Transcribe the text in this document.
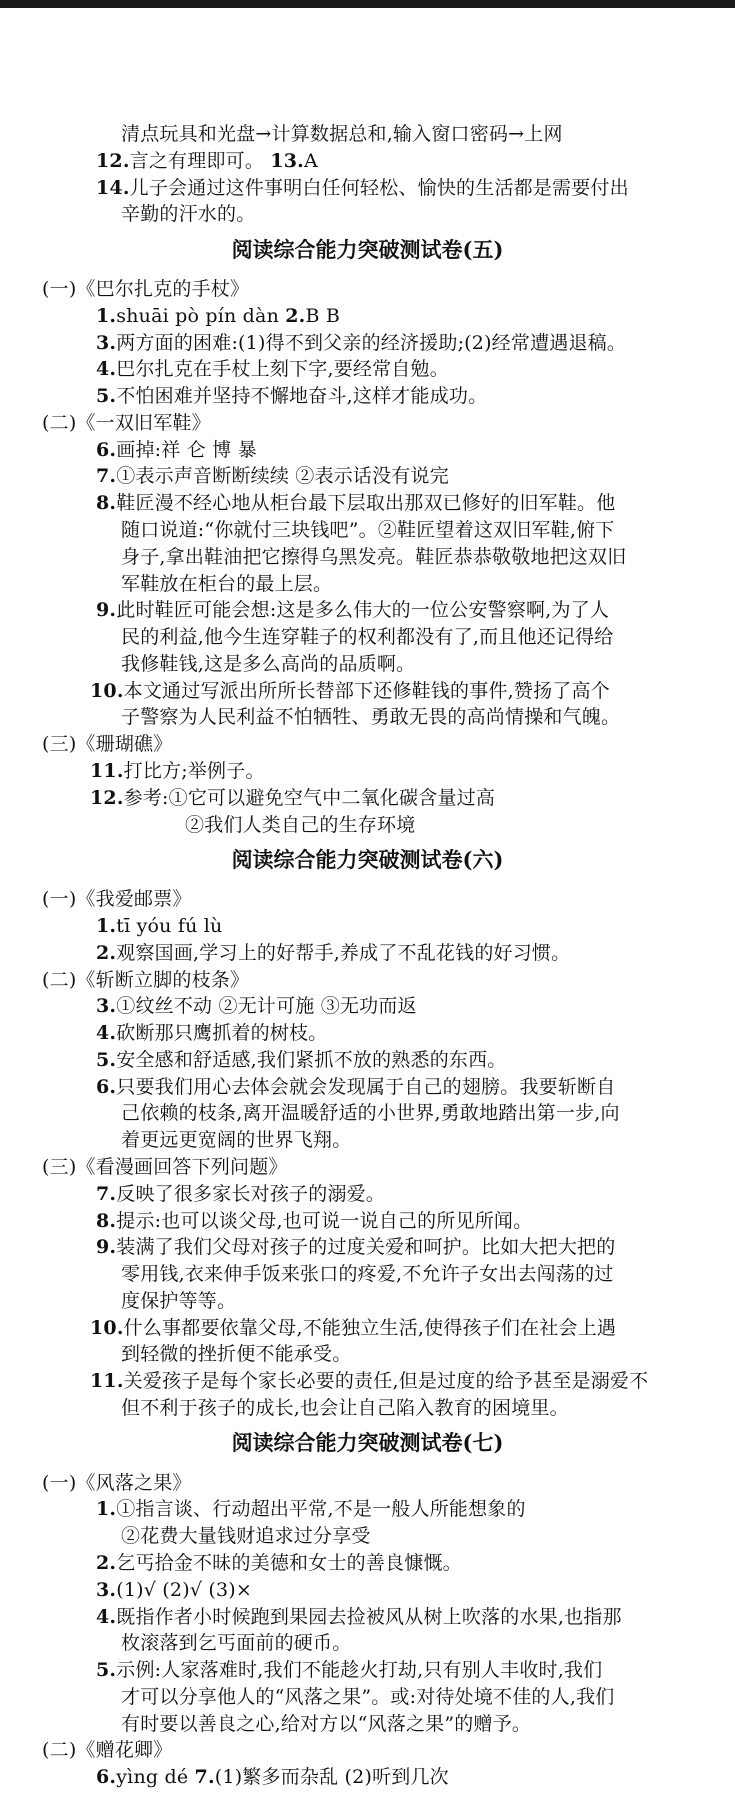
清点玩具和光盘→计算数据总和,输入窗口密码→上网
12.言之有理即可。 13.A
14.儿子会通过这件事明白任何轻松、愉快的生活都是需要付出
辛勤的汗水的。
阅读综合能力突破测试卷(五)
(一)《巴尔扎克的手杖》
1.shuāi pò pín dàn 2.B B
3.两方面的困难:(1)得不到父亲的经济援助;(2)经常遭遇退稿。
4.巴尔扎克在手杖上刻下字,要经常自勉。
5.不怕困难并坚持不懈地奋斗,这样才能成功。
(二)《一双旧军鞋》
6.画掉:祥 仑 博 暴
7.①表示声音断断续续 ②表示话没有说完
8.鞋匠漫不经心地从柜台最下层取出那双已修好的旧军鞋。他
随口说道:“你就付三块钱吧”。②鞋匠望着这双旧军鞋,俯下
身子,拿出鞋油把它擦得乌黑发亮。鞋匠恭恭敬敬地把这双旧
军鞋放在柜台的最上层。
9.此时鞋匠可能会想:这是多么伟大的一位公安警察啊,为了人
民的利益,他今生连穿鞋子的权利都没有了,而且他还记得给
我修鞋钱,这是多么高尚的品质啊。
10.本文通过写派出所所长替部下还修鞋钱的事件,赞扬了高个
子警察为人民利益不怕牺牲、勇敢无畏的高尚情操和气魄。
(三)《珊瑚礁》
11.打比方;举例子。
12.参考:①它可以避免空气中二氧化碳含量过高
②我们人类自己的生存环境
阅读综合能力突破测试卷(六)
(一)《我爱邮票》
1.tī yóu fú lù
2.观察国画,学习上的好帮手,养成了不乱花钱的好习惯。
(二)《斩断立脚的枝条》
3.①纹丝不动 ②无计可施 ③无功而返
4.砍断那只鹰抓着的树枝。
5.安全感和舒适感,我们紧抓不放的熟悉的东西。
6.只要我们用心去体会就会发现属于自己的翅膀。我要斩断自
己依赖的枝条,离开温暖舒适的小世界,勇敢地踏出第一步,向
着更远更宽阔的世界飞翔。
(三)《看漫画回答下列问题》
7.反映了很多家长对孩子的溺爱。
8.提示:也可以谈父母,也可说一说自己的所见所闻。
9.装满了我们父母对孩子的过度关爱和呵护。比如大把大把的
零用钱,衣来伸手饭来张口的疼爱,不允许子女出去闯荡的过
度保护等等。
10.什么事都要依靠父母,不能独立生活,使得孩子们在社会上遇
到轻微的挫折便不能承受。
11.关爱孩子是每个家长必要的责任,但是过度的给予甚至是溺爱不
但不利于孩子的成长,也会让自己陷入教育的困境里。
阅读综合能力突破测试卷(七)
(一)《风落之果》
1.①指言谈、行动超出平常,不是一般人所能想象的
②花费大量钱财追求过分享受
2.乞丐拾金不昧的美德和女士的善良慷慨。
3.(1)√ (2)√ (3)×
4.既指作者小时候跑到果园去捡被风从树上吹落的水果,也指那
枚滚落到乞丐面前的硬币。
5.示例:人家落难时,我们不能趁火打劫,只有别人丰收时,我们
才可以分享他人的“风落之果”。或:对待处境不佳的人,我们
有时要以善良之心,给对方以“风落之果”的赠予。
(二)《赠花卿》
6.yìng dé 7.(1)繁多而杂乱 (2)听到几次
